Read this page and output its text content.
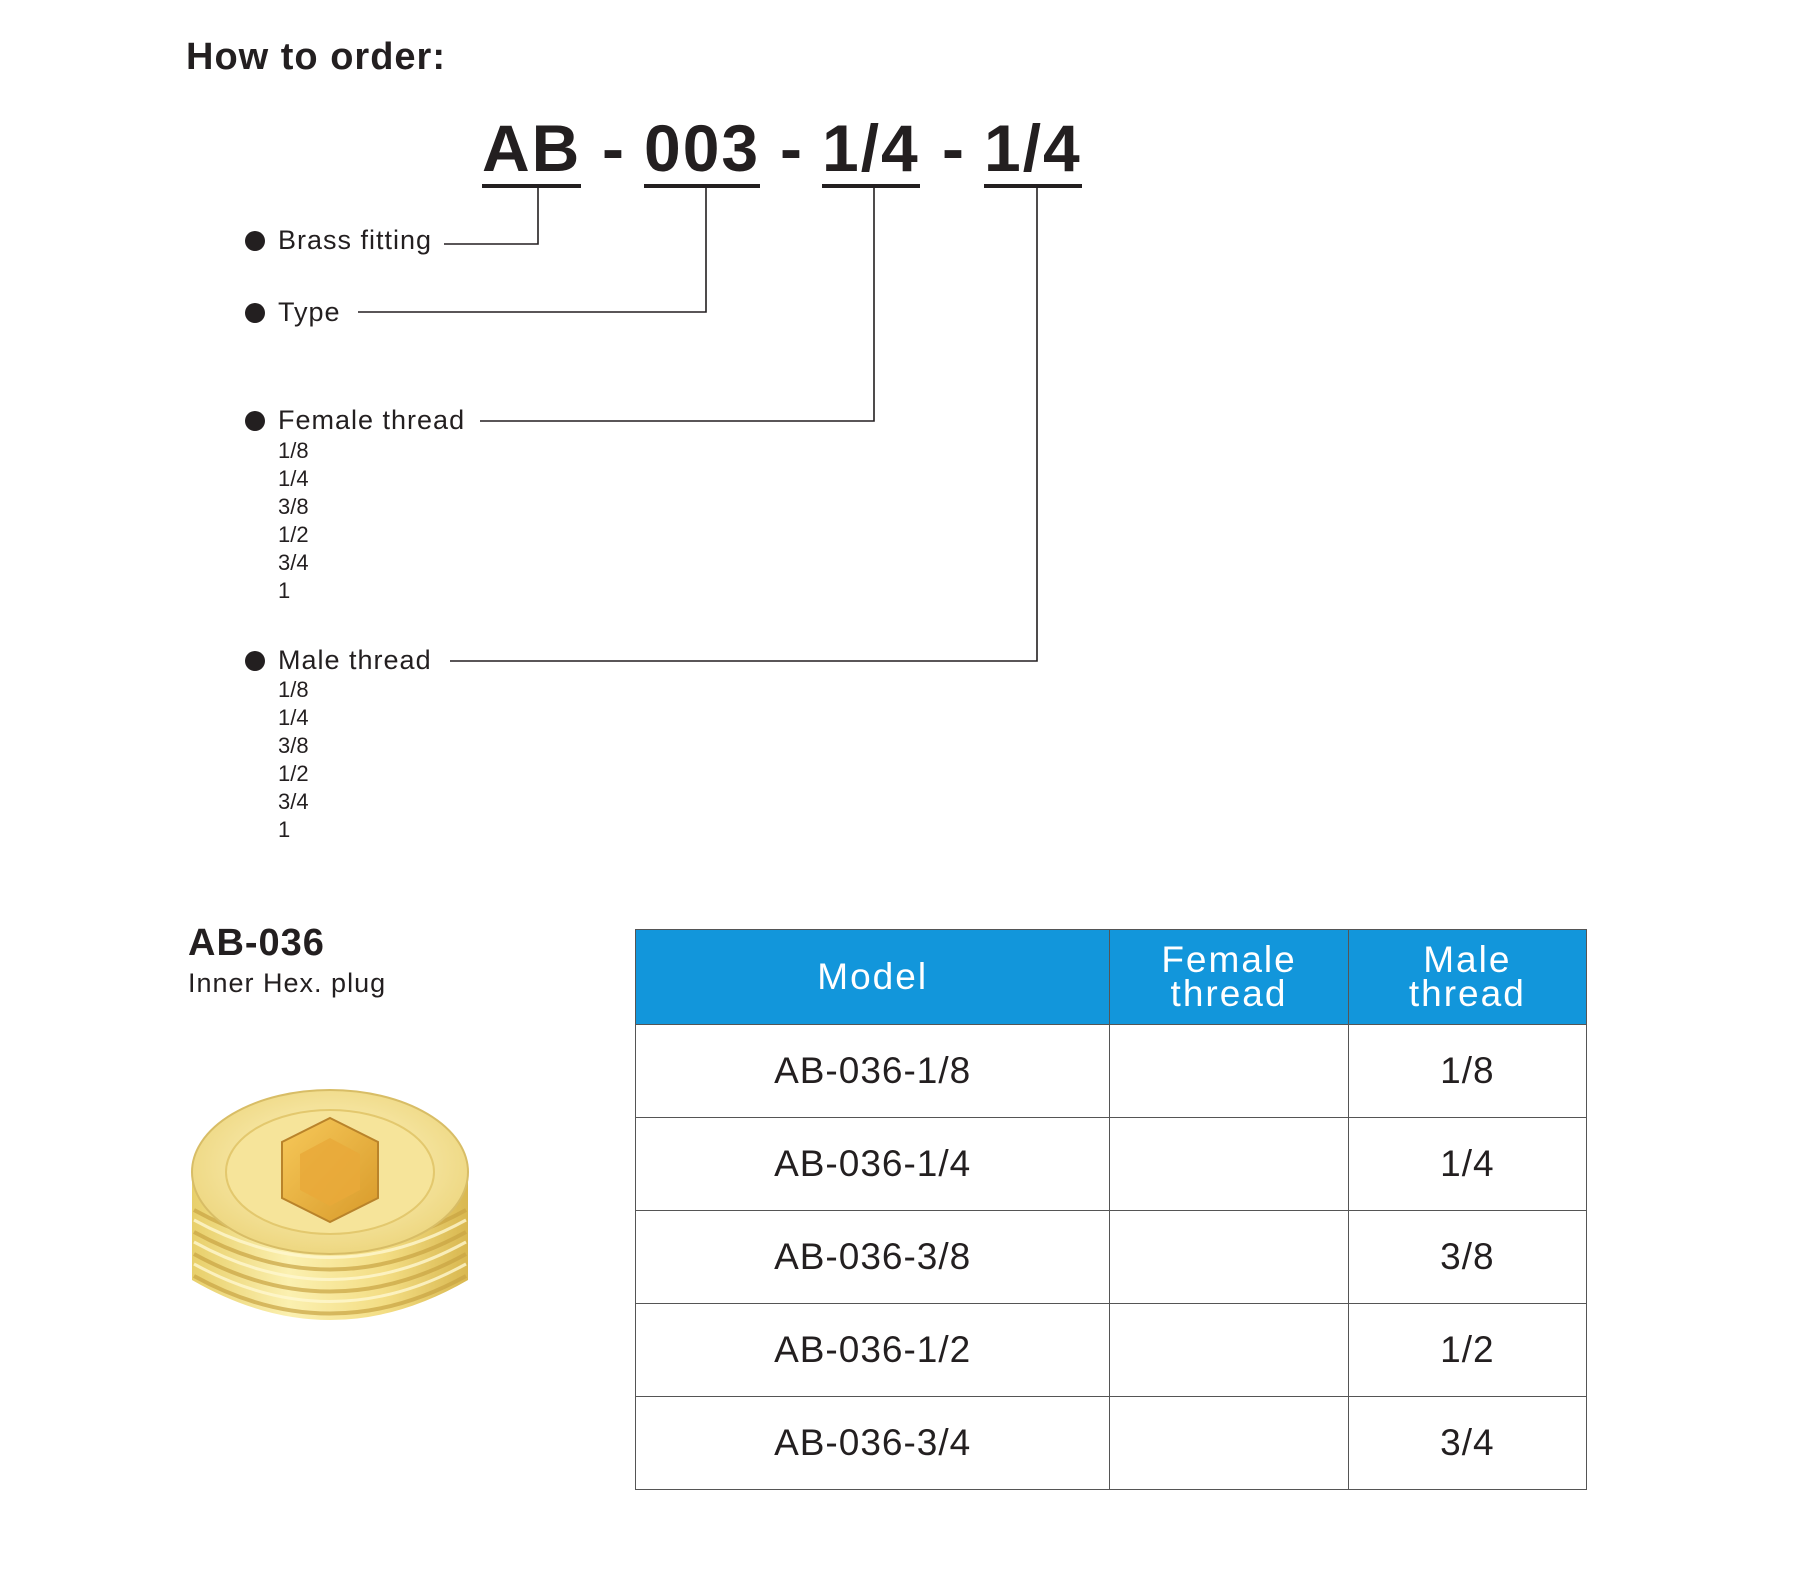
How to order:
AB - 003 - 1/4 - 1/4
Brass fitting
Type
Female thread
1/8
1/4
3/8
1/2
3/4
1
Male thread
1/8
1/4
3/8
1/2
3/4
1
AB-036
Inner Hex. plug	Model	Female thread	Male thread

AB-036-1/8		1/8
AB-036-1/4		1/4
AB-036-3/8		3/8
AB-036-1/2		1/2
AB-036-3/4		3/4
